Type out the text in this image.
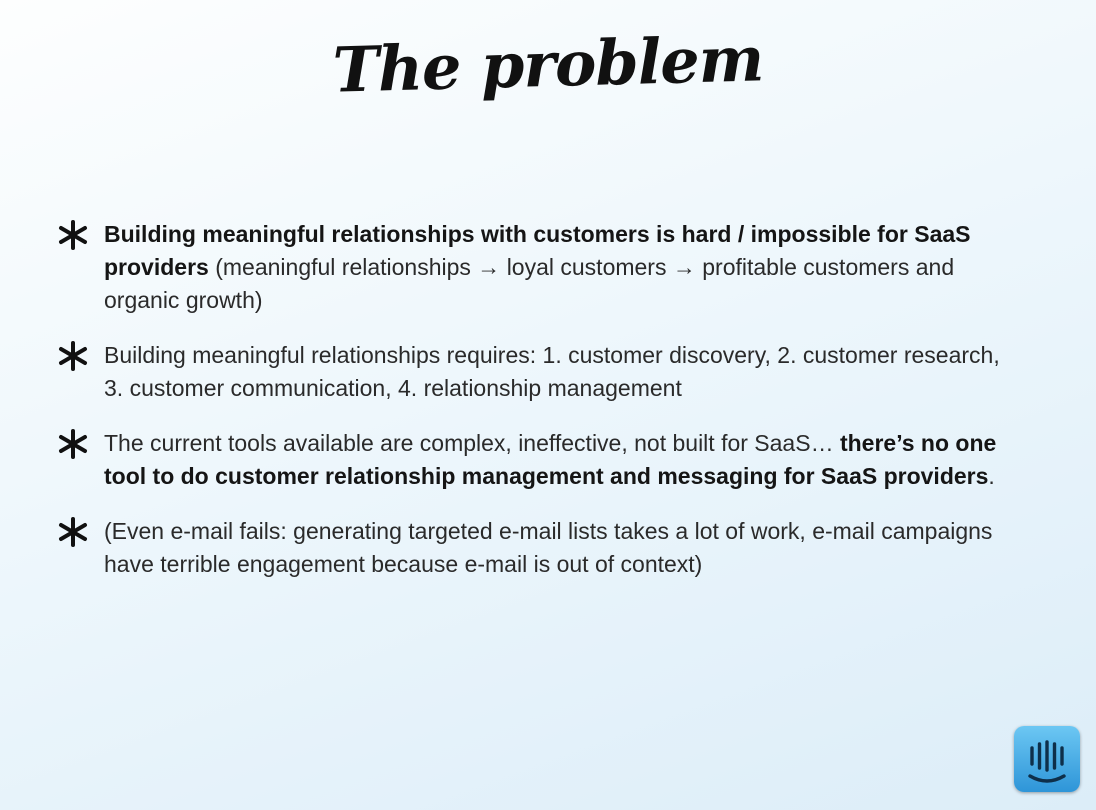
The problem
Building meaningful relationships with customers is hard / impossible for SaaS providers (meaningful relationships → loyal customers → profitable customers and organic growth)
Building meaningful relationships requires: 1. customer discovery, 2. customer research, 3. customer communication, 4. relationship management
The current tools available are complex, ineffective, not built for SaaS… there’s no one tool to do customer relationship management and messaging for SaaS providers.
(Even e-mail fails: generating targeted e-mail lists takes a lot of work, e-mail campaigns have terrible engagement because e-mail is out of context)
